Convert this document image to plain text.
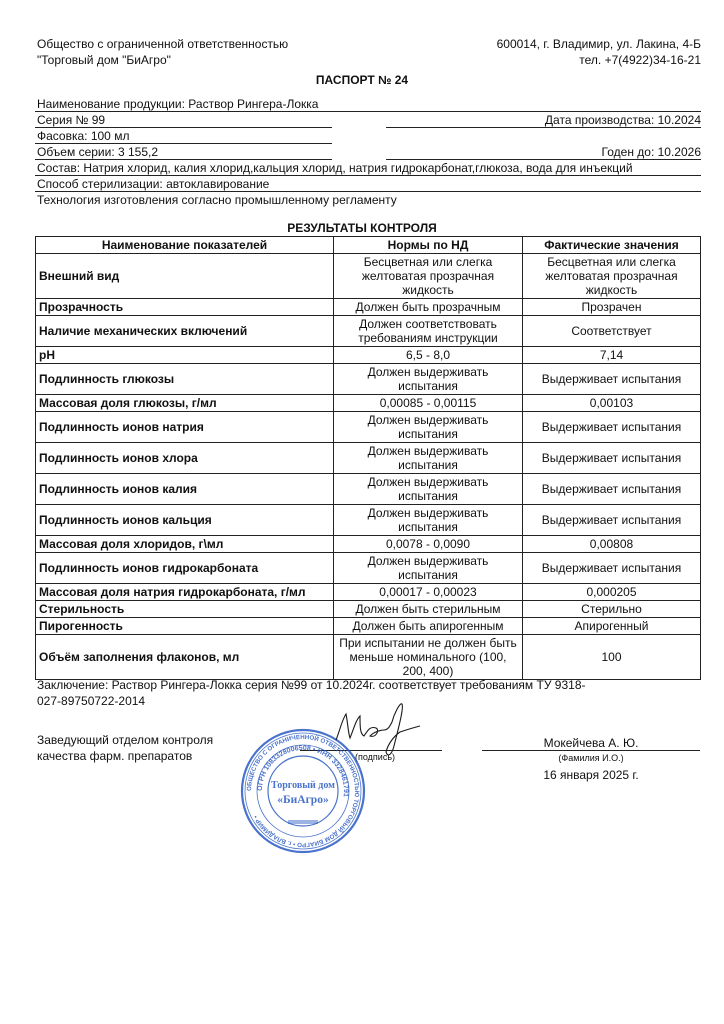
Общество с ограниченной ответственностью
"Торговый дом "БиАгро"
600014, г. Владимир, ул. Лакина, 4-Б
тел. +7(4922)34-16-21
ПАСПОРТ № 24
Наименование продукции: Раствор Рингера-Локка
Серия № 99	Дата производства: 10.2024
Фасовка: 100 мл
Объем серии: 3 155,2	Годен до: 10.2026
Состав: Натрия хлорид, калия хлорид,кальция хлорид, натрия гидрокарбонат,глюкоза, вода для инъекций
Способ стерилизации: автоклавирование
Технология изготовления согласно промышленному регламенту
РЕЗУЛЬТАТЫ КОНТРОЛЯ
Наименование показателей	Нормы по НД	Фактические значения
Внешний вид	Бесцветная или слегка желтоватая прозрачная жидкость	Бесцветная или слегка желтоватая прозрачная жидкость
Прозрачность	Должен быть прозрачным	Прозрачен
Наличие механических включений	Должен соответствовать требованиям инструкции	Соответствует
pH	6,5 - 8,0	7,14
Подлинность глюкозы	Должен выдерживать испытания	Выдерживает испытания
Массовая доля глюкозы, г/мл	0,00085 - 0,00115	0,00103
Подлинность ионов натрия	Должен выдерживать испытания	Выдерживает испытания
Подлинность ионов хлора	Должен выдерживать испытания	Выдерживает испытания
Подлинность ионов калия	Должен выдерживать испытания	Выдерживает испытания
Подлинность ионов кальция	Должен выдерживать испытания	Выдерживает испытания
Массовая доля хлоридов, г\мл	0,0078 - 0,0090	0,00808
Подлинность ионов гидрокарбоната	Должен выдерживать испытания	Выдерживает испытания
Массовая доля натрия гидрокарбоната, г/мл	0,00017 - 0,00023	0,000205
Стерильность	Должен быть стерильным	Стерильно
Пирогенность	Должен быть апирогенным	Апирогенный
Объём заполнения флаконов, мл	При испытании не должен быть меньше номинального (100, 200, 400)	100
Заключение: Раствор Рингера-Локка серия №99 от 10.2024г. соответствует требованиям ТУ 9318-027-89750722-2014
Заведующий отделом контроля
качества фарм. препаратов	(подпись)
Мокейчева А. Ю.
(Фамилия И.О.)
16 января 2025 г.
ОБЩЕСТВО С ОГРАНИЧЕННОЙ ОТВЕТСТВЕННОСТЬЮ ТОРГОВЫЙ ДОМ БИАГРО • г. ВЛАДИМИР •
ОГРН 1083328006508 • ИНН 3328461791
Торговый дом
«БиАгро»
